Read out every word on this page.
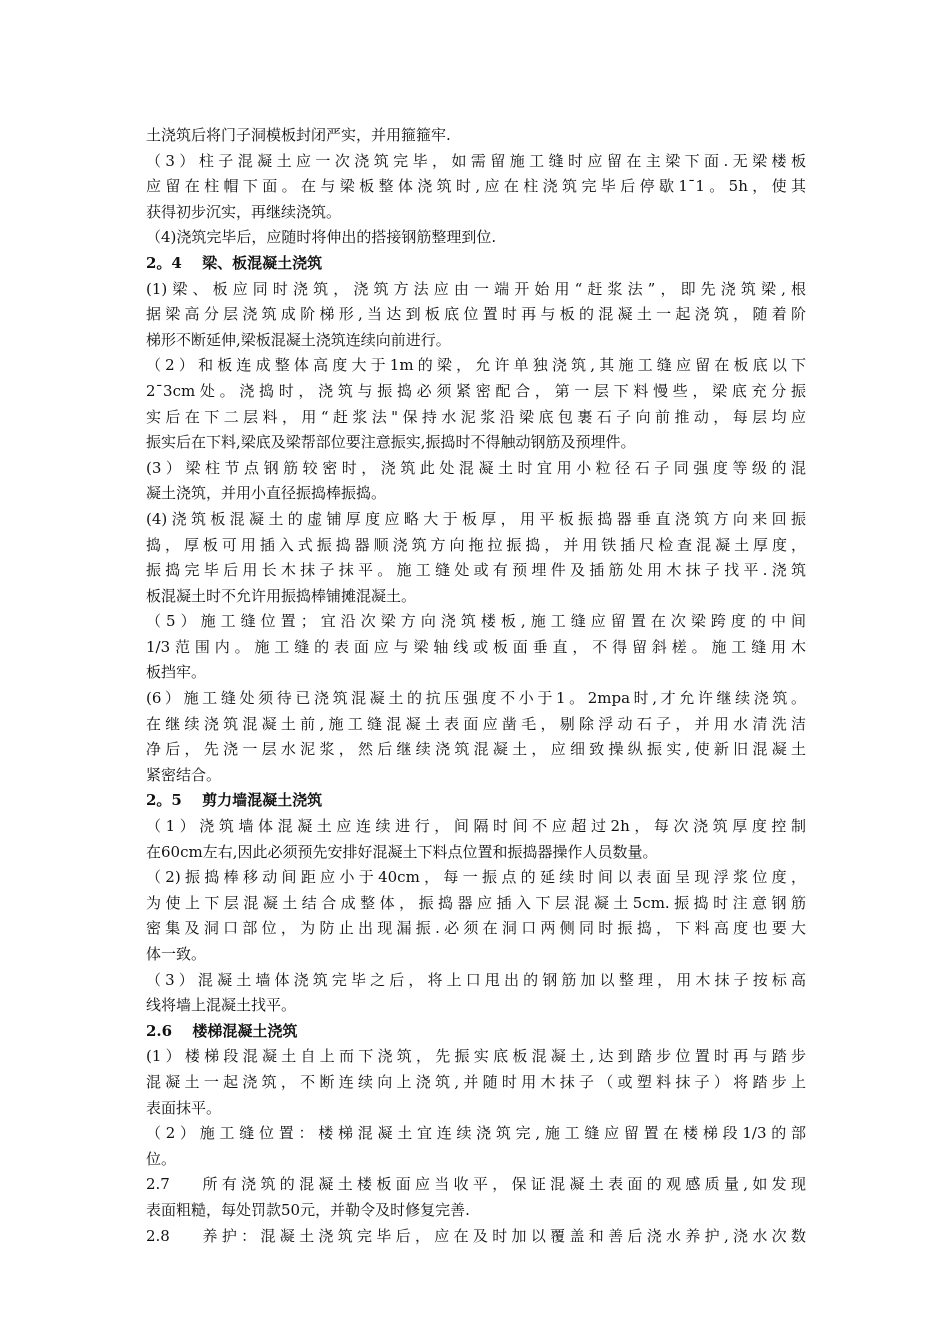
土浇筑后将门子洞模板封闭严实，并用箍箍牢.
（3）柱子混凝土应一次浇筑完毕，如需留施工缝时应留在主梁下面.无梁楼板
应留在柱帽下面。在与梁板整体浇筑时,应在柱浇筑完毕后停歇1¯1。5h，使其
获得初步沉实，再继续浇筑。
（4)浇筑完毕后，应随时将伸出的搭接钢筋整理到位.
2。4　 梁、板混凝土浇筑
(1)梁、板应同时浇筑，浇筑方法应由一端开始用“赶浆法”，即先浇筑梁,根
据梁高分层浇筑成阶梯形,当达到板底位置时再与板的混凝土一起浇筑，随着阶
梯形不断延伸,梁板混凝土浇筑连续向前进行。
（2）和板连成整体高度大于1m的梁，允许单独浇筑,其施工缝应留在板底以下
2¯3cm处。浇捣时，浇筑与振捣必须紧密配合，第一层下料慢些，梁底充分振
实后在下二层料，用“赶浆法"保持水泥浆沿梁底包裹石子向前推动，每层均应
振实后在下料,梁底及梁帮部位要注意振实,振捣时不得触动钢筋及预埋件。
(3）梁柱节点钢筋较密时，浇筑此处混凝土时宜用小粒径石子同强度等级的混
凝土浇筑，并用小直径振捣棒振捣。
(4)浇筑板混凝土的虚铺厚度应略大于板厚，用平板振捣器垂直浇筑方向来回振
捣，厚板可用插入式振捣器顺浇筑方向拖拉振捣，并用铁插尺检查混凝土厚度，
振捣完毕后用长木抹子抹平。施工缝处或有预埋件及插筋处用木抹子找平.浇筑
板混凝土时不允许用振捣棒铺摊混凝土。
（5）施工缝位置；宜沿次梁方向浇筑楼板,施工缝应留置在次梁跨度的中间
1/3范围内。施工缝的表面应与梁轴线或板面垂直，不得留斜槎。施工缝用木
板挡牢。
(6）施工缝处须待已浇筑混凝土的抗压强度不小于1。2mpa时,才允许继续浇筑。
在继续浇筑混凝土前,施工缝混凝土表面应凿毛，剔除浮动石子，并用水清洗洁
净后，先浇一层水泥浆，然后继续浇筑混凝土，应细致操纵振实,使新旧混凝土
紧密结合。
2。5　 剪力墙混凝土浇筑
（1）浇筑墙体混凝土应连续进行，间隔时间不应超过2h，每次浇筑厚度控制
在60cm左右,因此必须预先安排好混凝土下料点位置和振捣器操作人员数量。
（2)振捣棒移动间距应小于40cm，每一振点的延续时间以表面呈现浮浆位度，
为使上下层混凝土结合成整体，振捣器应插入下层混凝土5cm.振捣时注意钢筋
密集及洞口部位，为防止出现漏振.必须在洞口两侧同时振捣，下料高度也要大
体一致。
（3）混凝土墙体浇筑完毕之后，将上口甩出的钢筋加以整理，用木抹子按标高
线将墙上混凝土找平。
2.6　 楼梯混凝土浇筑
(1）楼梯段混凝土自上而下浇筑，先振实底板混凝土,达到踏步位置时再与踏步
混凝土一起浇筑，不断连续向上浇筑,并随时用木抹子（或塑料抹子）将踏步上
表面抹平。
（2）施工缝位置：楼梯混凝土宜连续浇筑完,施工缝应留置在楼梯段1/3的部
位。
2.7　 所有浇筑的混凝土楼板面应当收平，保证混凝土表面的观感质量,如发现
表面粗糙，每处罚款50元，并勒令及时修复完善.
2.8　 养护：混凝土浇筑完毕后，应在及时加以覆盖和善后浇水养护,浇水次数
